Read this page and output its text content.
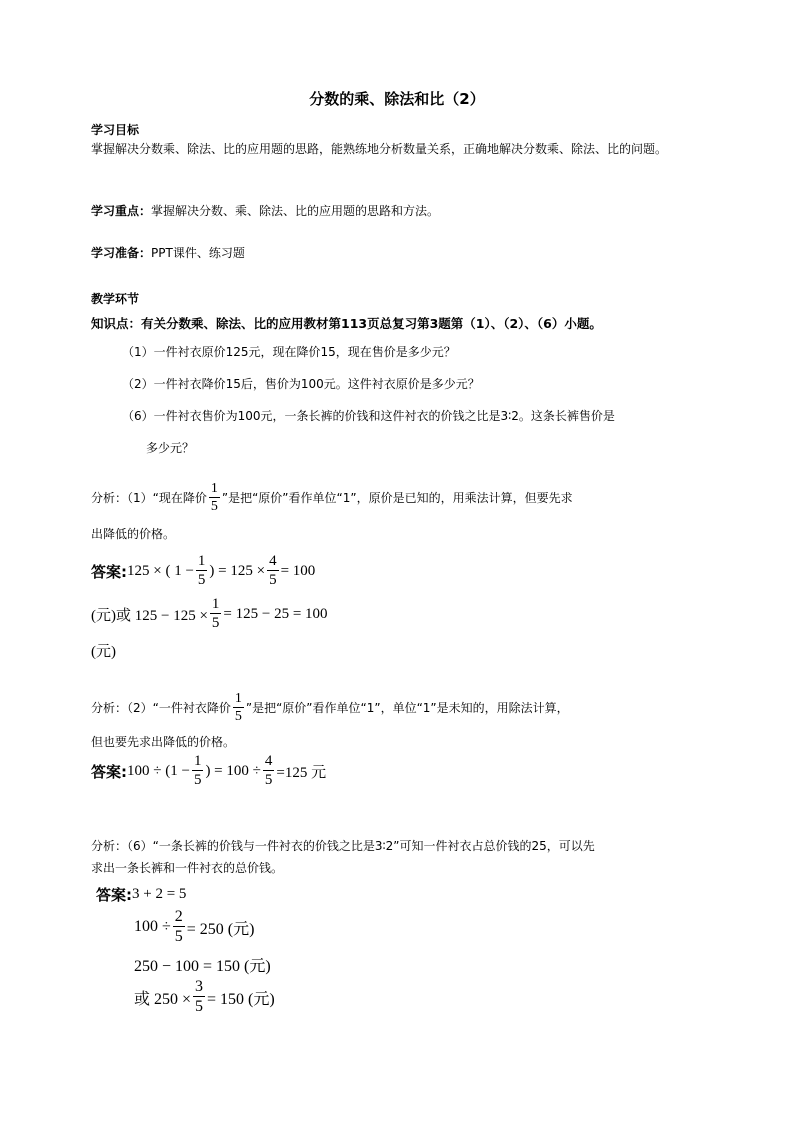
分数的乘、除法和比（2）
学习目标
掌握解决分数乘、除法、比的应用题的思路，能熟练地分析数量关系，正确地解决分数乘、除法、比的问题。
学习重点：掌握解决分数、乘、除法、比的应用题的思路和方法。
学习准备：PPT课件、练习题
教学环节
知识点：有关分数乘、除法、比的应用教材第113页总复习第3题第（1）、（2）、（6）小题。
（1）一件衬衣原价125元，现在降价15，现在售价是多少元？
（2）一件衬衣降价15后，售价为100元。这件衬衣原价是多少元？
（6）一件衬衣售价为100元，一条长裤的价钱和这件衬衣的价钱之比是3∶2。这条长裤售价是
多少元？
分析：（1）“现在降价 $\frac{1}{5}$ ”是把“原价”看作单位“1”，原价是已知的，用乘法计算，但要先求
出降低的价格。
答案: 125 × ( $1 - \frac{1}{5}$ ) = $125 \times \frac{4}{5} = 100$
(元)或 $125 - 125 \times \frac{1}{5} = 125 - 25 = 100$
(元)
分析：（2）“一件衬衣降价 $\frac{1}{5}$ ”是把“原价”看作单位“1”，单位“1”是未知的，用除法计算，
但也要先求出降低的价格。
答案: $100 \div (1 - \frac{1}{5}$ ) = $100 \div \frac{4}{5} =125$ 元
分析：（6）“一条长裤的价钱与一件衬衣的价钱之比是3∶2”可知一件衬衣占总价钱的25，可以先
求出一条长裤和一件衬衣的总价钱。
答案: 3 + 2 = 5
$100 \div \frac{2}{5} = 250$ (元)
250 − 100 = 150 (元)
或 $250 \times \frac{3}{5} = 150$ (元)
